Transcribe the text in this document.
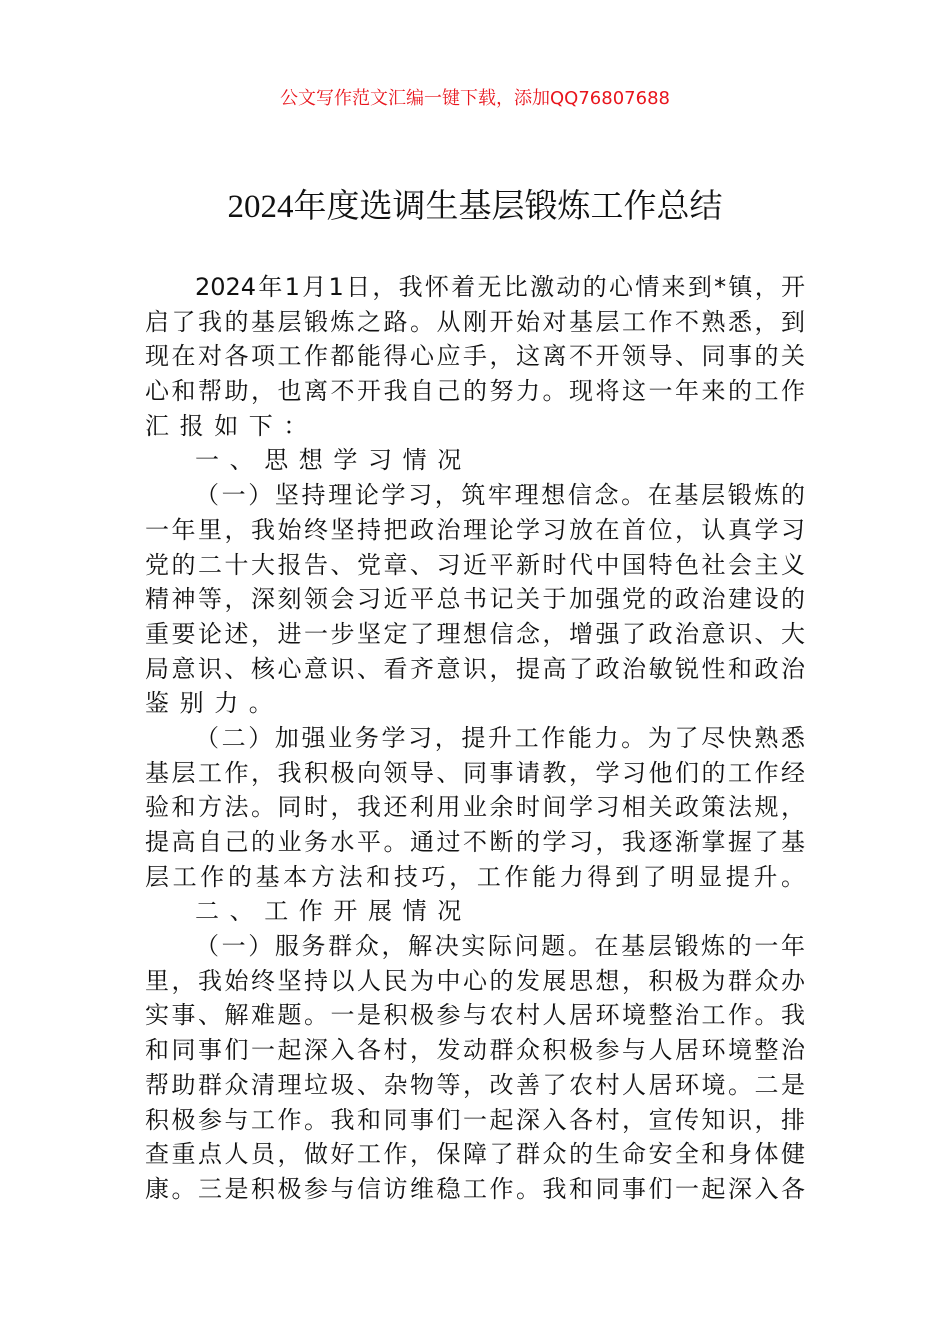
公文写作范文汇编一键下载，添加QQ76807688
2024年度选调生基层锻炼工作总结
2024年1月1日，我怀着无比激动的心情来到*镇，开
启了我的基层锻炼之路。从刚开始对基层工作不熟悉，到
现在对各项工作都能得心应手，这离不开领导、同事的关
心和帮助，也离不开我自己的努力。现将这一年来的工作
汇报如下：
一、思想学习情况
（一）坚持理论学习，筑牢理想信念。在基层锻炼的
一年里，我始终坚持把政治理论学习放在首位，认真学习
党的二十大报告、党章、习近平新时代中国特色社会主义
精神等，深刻领会习近平总书记关于加强党的政治建设的
重要论述，进一步坚定了理想信念，增强了政治意识、大
局意识、核心意识、看齐意识，提高了政治敏锐性和政治
鉴别力。
（二）加强业务学习，提升工作能力。为了尽快熟悉
基层工作，我积极向领导、同事请教，学习他们的工作经
验和方法。同时，我还利用业余时间学习相关政策法规，
提高自己的业务水平。通过不断的学习，我逐渐掌握了基
层工作的基本方法和技巧，工作能力得到了明显提升。
二、工作开展情况
（一）服务群众，解决实际问题。在基层锻炼的一年
里，我始终坚持以人民为中心的发展思想，积极为群众办
实事、解难题。一是积极参与农村人居环境整治工作。我
和同事们一起深入各村，发动群众积极参与人居环境整治
帮助群众清理垃圾、杂物等，改善了农村人居环境。二是
积极参与工作。我和同事们一起深入各村，宣传知识，排
查重点人员，做好工作，保障了群众的生命安全和身体健
康。三是积极参与信访维稳工作。我和同事们一起深入各
